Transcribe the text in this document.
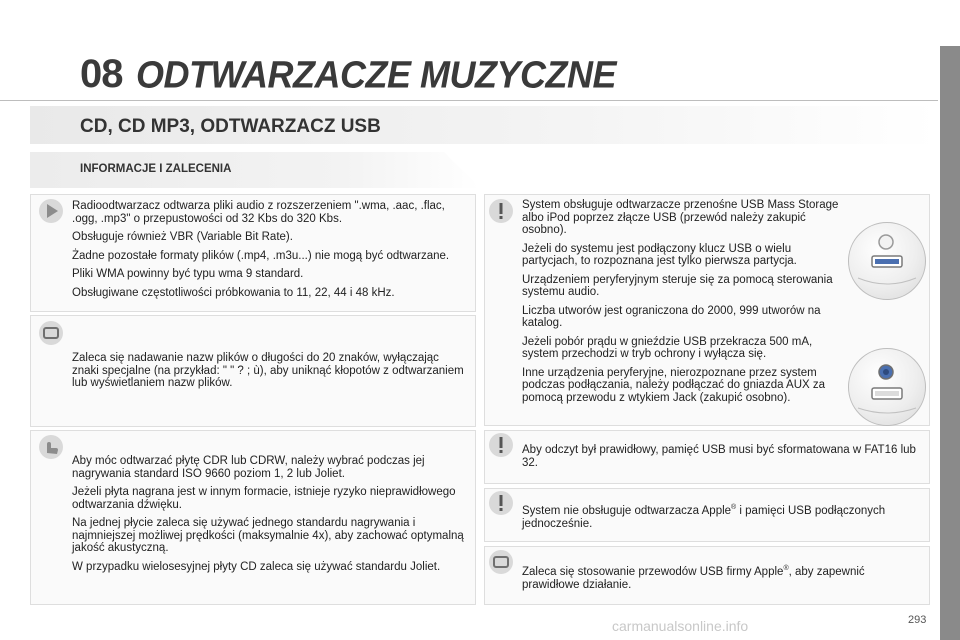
08 ODTWARZACZE MUZYCZNE
CD, CD MP3, ODTWARZACZ USB
INFORMACJE I ZALECENIA

Radioodtwarzacz odtwarza pliki audio z rozszerzeniem ".wma, .aac, .flac, .ogg, .mp3" o przepustowości od 32 Kbs do 320 Kbs.

Obsługuje również VBR (Variable Bit Rate).

Żadne pozostałe formaty plików (.mp4, .m3u...) nie mogą być odtwarzane.

Pliki WMA powinny być typu wma 9 standard.

Obsługiwane częstotliwości próbkowania to 11, 22, 44 i 48 kHz.

Zaleca się nadawanie nazw plików o długości do 20 znaków, wyłączając znaki specjalne (na przykład: " " ? ; ù), aby uniknąć kłopotów z odtwarzaniem lub wyświetlaniem nazw plików.

Aby móc odtwarzać płytę CDR lub CDRW, należy wybrać podczas jej nagrywania standard ISO 9660 poziom 1, 2 lub Joliet.

Jeżeli płyta nagrana jest w innym formacie, istnieje ryzyko nieprawidłowego odtwarzania dźwięku.

Na jednej płycie zaleca się używać jednego standardu nagrywania i najmniejszej możliwej prędkości (maksymalnie 4x), aby zachować optymalną jakość akustyczną.

W przypadku wielosesyjnej płyty CD zaleca się używać standardu Joliet.

System obsługuje odtwarzacze przenośne USB Mass Storage albo iPod poprzez złącze USB (przewód należy zakupić osobno).

Jeżeli do systemu jest podłączony klucz USB o wielu partycjach, to rozpoznana jest tylko pierwsza partycja.

Urządzeniem peryferyjnym steruje się za pomocą sterowania systemu audio.

Liczba utworów jest ograniczona do 2000, 999 utworów na katalog.

Jeżeli pobór prądu w gnieździe USB przekracza 500 mA, system przechodzi w tryb ochrony i wyłącza się.

Inne urządzenia peryferyjne, nierozpoznane przez system podczas podłączania, należy podłączać do gniazda AUX za pomocą przewodu z wtykiem Jack (zakupić osobno).

Aby odczyt był prawidłowy, pamięć USB musi być sformatowana w FAT16 lub 32.

System nie obsługuje odtwarzacza Apple® i pamięci USB podłączonych jednocześnie.

Zaleca się stosowanie przewodów USB firmy Apple®, aby zapewnić prawidłowe działanie.

carmanualsonline.info	293
